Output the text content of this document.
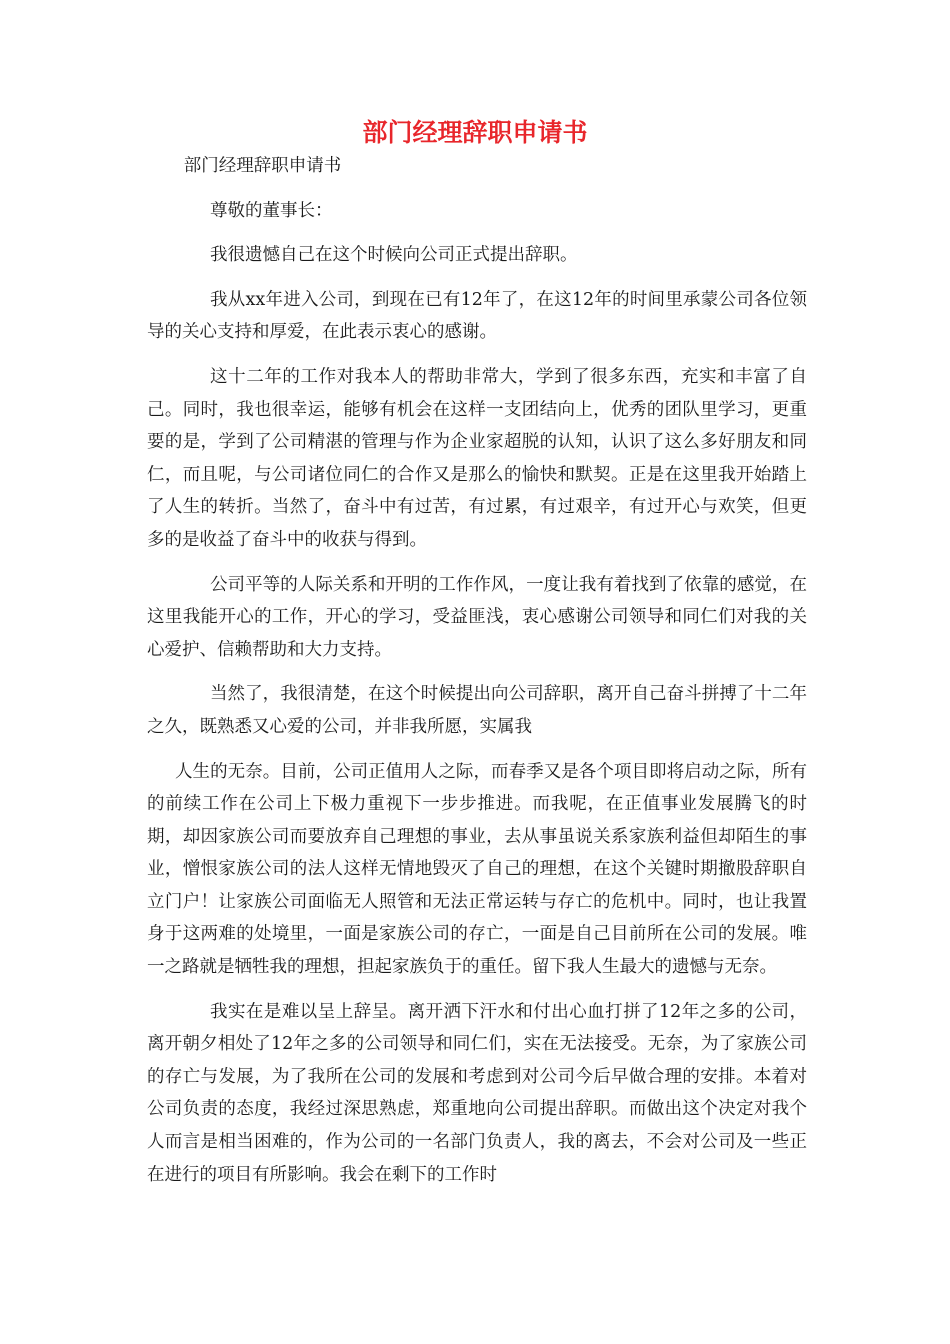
部门经理辞职申请书

部门经理辞职申请书

尊敬的董事长：

我很遗憾自己在这个时候向公司正式提出辞职。

我从xx年进入公司，到现在已有12年了，在这12年的时间里承蒙公司各位领导的关心支持和厚爱，在此表示衷心的感谢。

这十二年的工作对我本人的帮助非常大，学到了很多东西，充实和丰富了自己。同时，我也很幸运，能够有机会在这样一支团结向上，优秀的团队里学习，更重要的是，学到了公司精湛的管理与作为企业家超脱的认知，认识了这么多好朋友和同仁，而且呢，与公司诸位同仁的合作又是那么的愉快和默契。正是在这里我开始踏上了人生的转折。当然了，奋斗中有过苦，有过累，有过艰辛，有过开心与欢笑，但更多的是收益了奋斗中的收获与得到。

公司平等的人际关系和开明的工作作风，一度让我有着找到了依靠的感觉，在这里我能开心的工作，开心的学习，受益匪浅，衷心感谢公司领导和同仁们对我的关心爱护、信赖帮助和大力支持。

当然了，我很清楚，在这个时候提出向公司辞职，离开自己奋斗拼搏了十二年之久，既熟悉又心爱的公司，并非我所愿，实属我

人生的无奈。目前，公司正值用人之际，而春季又是各个项目即将启动之际，所有的前续工作在公司上下极力重视下一步步推进。而我呢，在正值事业发展腾飞的时期，却因家族公司而要放弃自己理想的事业，去从事虽说关系家族利益但却陌生的事业，憎恨家族公司的法人这样无情地毁灭了自己的理想，在这个关键时期撤股辞职自立门户！让家族公司面临无人照管和无法正常运转与存亡的危机中。同时，也让我置身于这两难的处境里，一面是家族公司的存亡，一面是自己目前所在公司的发展。唯一之路就是牺牲我的理想，担起家族负于的重任。留下我人生最大的遗憾与无奈。

我实在是难以呈上辞呈。离开洒下汗水和付出心血打拼了12年之多的公司，离开朝夕相处了12年之多的公司领导和同仁们，实在无法接受。无奈，为了家族公司的存亡与发展，为了我所在公司的发展和考虑到对公司今后早做合理的安排。本着对公司负责的态度，我经过深思熟虑，郑重地向公司提出辞职。而做出这个决定对我个人而言是相当困难的，作为公司的一名部门负责人，我的离去，不会对公司及一些正在进行的项目有所影响。我会在剩下的工作时
